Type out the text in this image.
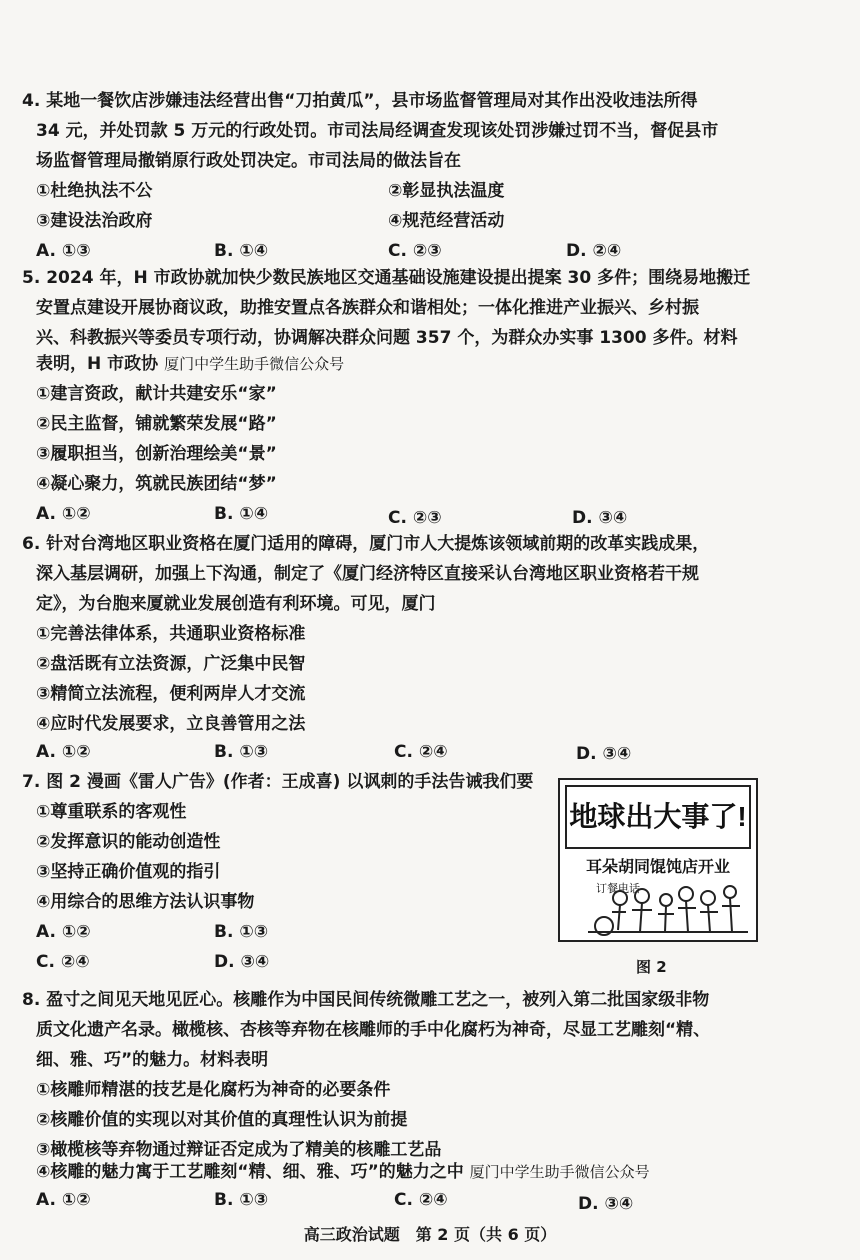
4. 某地一餐饮店涉嫌违法经营出售“刀拍黄瓜”，县市场监督管理局对其作出没收违法所得
34 元，并处罚款 5 万元的行政处罚。市司法局经调查发现该处罚涉嫌过罚不当，督促县市
场监督管理局撤销原行政处罚决定。市司法局的做法旨在
①杜绝执法不公	②彰显执法温度
③建设法治政府	④规范经营活动
A. ①③	B. ①④	C. ②③	D. ②④
5. 2024 年，H 市政协就加快少数民族地区交通基础设施建设提出提案 30 多件；围绕易地搬迁
安置点建设开展协商议政，助推安置点各族群众和谐相处；一体化推进产业振兴、乡村振
兴、科教振兴等委员专项行动，协调解决群众问题 357 个，为群众办实事 1300 多件。材料
表明，H 市政协 厦门中学生助手微信公众号
①建言资政，献计共建安乐“家”
②民主监督，铺就繁荣发展“路”
③履职担当，创新治理绘美“景”
④凝心聚力，筑就民族团结“梦”
A. ①②	B. ①④	C. ②③	D. ③④
6. 针对台湾地区职业资格在厦门适用的障碍，厦门市人大提炼该领域前期的改革实践成果，
深入基层调研，加强上下沟通，制定了《厦门经济特区直接采认台湾地区职业资格若干规
定》，为台胞来厦就业发展创造有利环境。可见，厦门
①完善法律体系，共通职业资格标准
②盘活既有立法资源，广泛集中民智
③精简立法流程，便利两岸人才交流
④应时代发展要求，立良善管用之法
A. ①②	B. ①③	C. ②④	D. ③④
7. 图 2 漫画《雷人广告》(作者：王成喜) 以讽刺的手法告诫我们要
①尊重联系的客观性
②发挥意识的能动创造性
③坚持正确价值观的指引
④用综合的思维方法认识事物
A. ①②	B. ①③
C. ②④	D. ③④
地球出大事了!
耳朵胡同馄饨店开业
订餐电话
图 2
8. 盈寸之间见天地见匠心。核雕作为中国民间传统微雕工艺之一，被列入第二批国家级非物
质文化遗产名录。橄榄核、杏核等弃物在核雕师的手中化腐朽为神奇，尽显工艺雕刻“精、
细、雅、巧”的魅力。材料表明
①核雕师精湛的技艺是化腐朽为神奇的必要条件
②核雕价值的实现以对其价值的真理性认识为前提
③橄榄核等弃物通过辩证否定成为了精美的核雕工艺品
④核雕的魅力寓于工艺雕刻“精、细、雅、巧”的魅力之中 厦门中学生助手微信公众号
A. ①②	B. ①③	C. ②④	D. ③④
高三政治试题　第 2 页（共 6 页）
